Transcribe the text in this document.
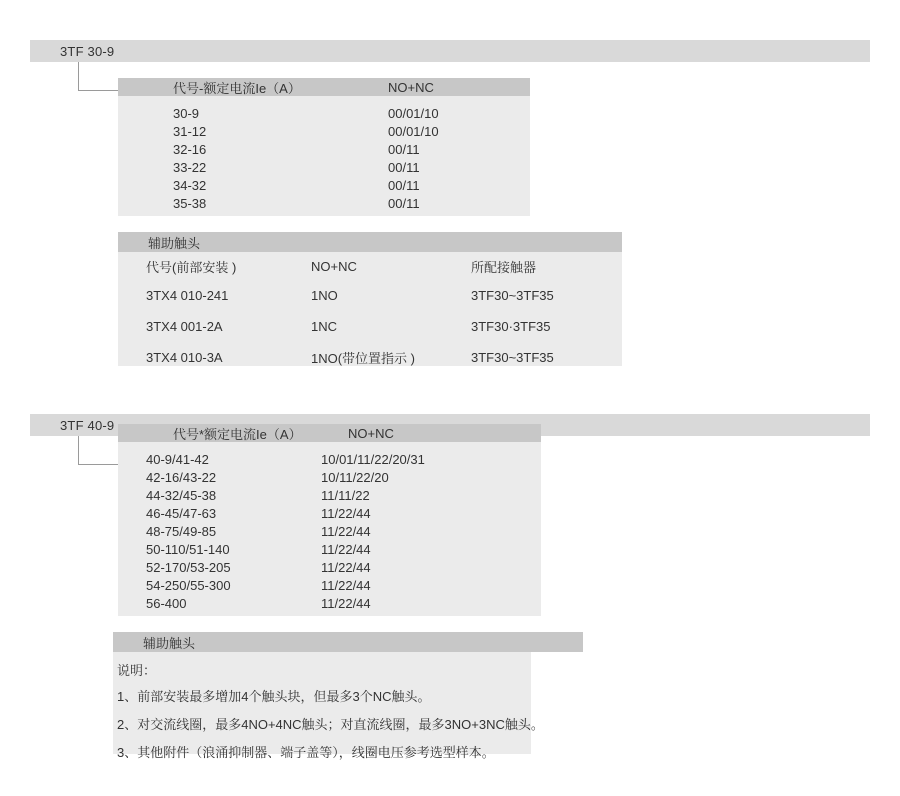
3TF 30-9
代号-额定电流Ie（A）	NO+NC
30-9	00/01/10
31-12	00/01/10
32-16	00/11
33-22	00/11
34-32	00/11
35-38	00/11
辅助触头
代号(前部安装 )	NO+NC	所配接触器
3TX4 010-241	1NO	3TF30~3TF35
3TX4 001-2A	1NC	3TF30·3TF35
3TX4 010-3A	1NO(带位置指示 )	3TF30~3TF35
3TF 40-9
代号*额定电流Ie（A）	NO+NC
40-9/41-42	10/01/11/22/20/31
42-16/43-22	10/11/22/20
44-32/45-38	11/11/22
46-45/47-63	11/22/44
48-75/49-85	11/22/44
50-110/51-140	11/22/44
52-170/53-205	11/22/44
54-250/55-300	11/22/44
56-400	11/22/44
辅助触头
说明：
1、前部安装最多增加4个触头块，但最多3个NC触头。
2、对交流线圈，最多4NO+4NC触头；对直流线圈，最多3NO+3NC触头。
3、其他附件（浪涌抑制器、端子盖等），线圈电压参考选型样本。
